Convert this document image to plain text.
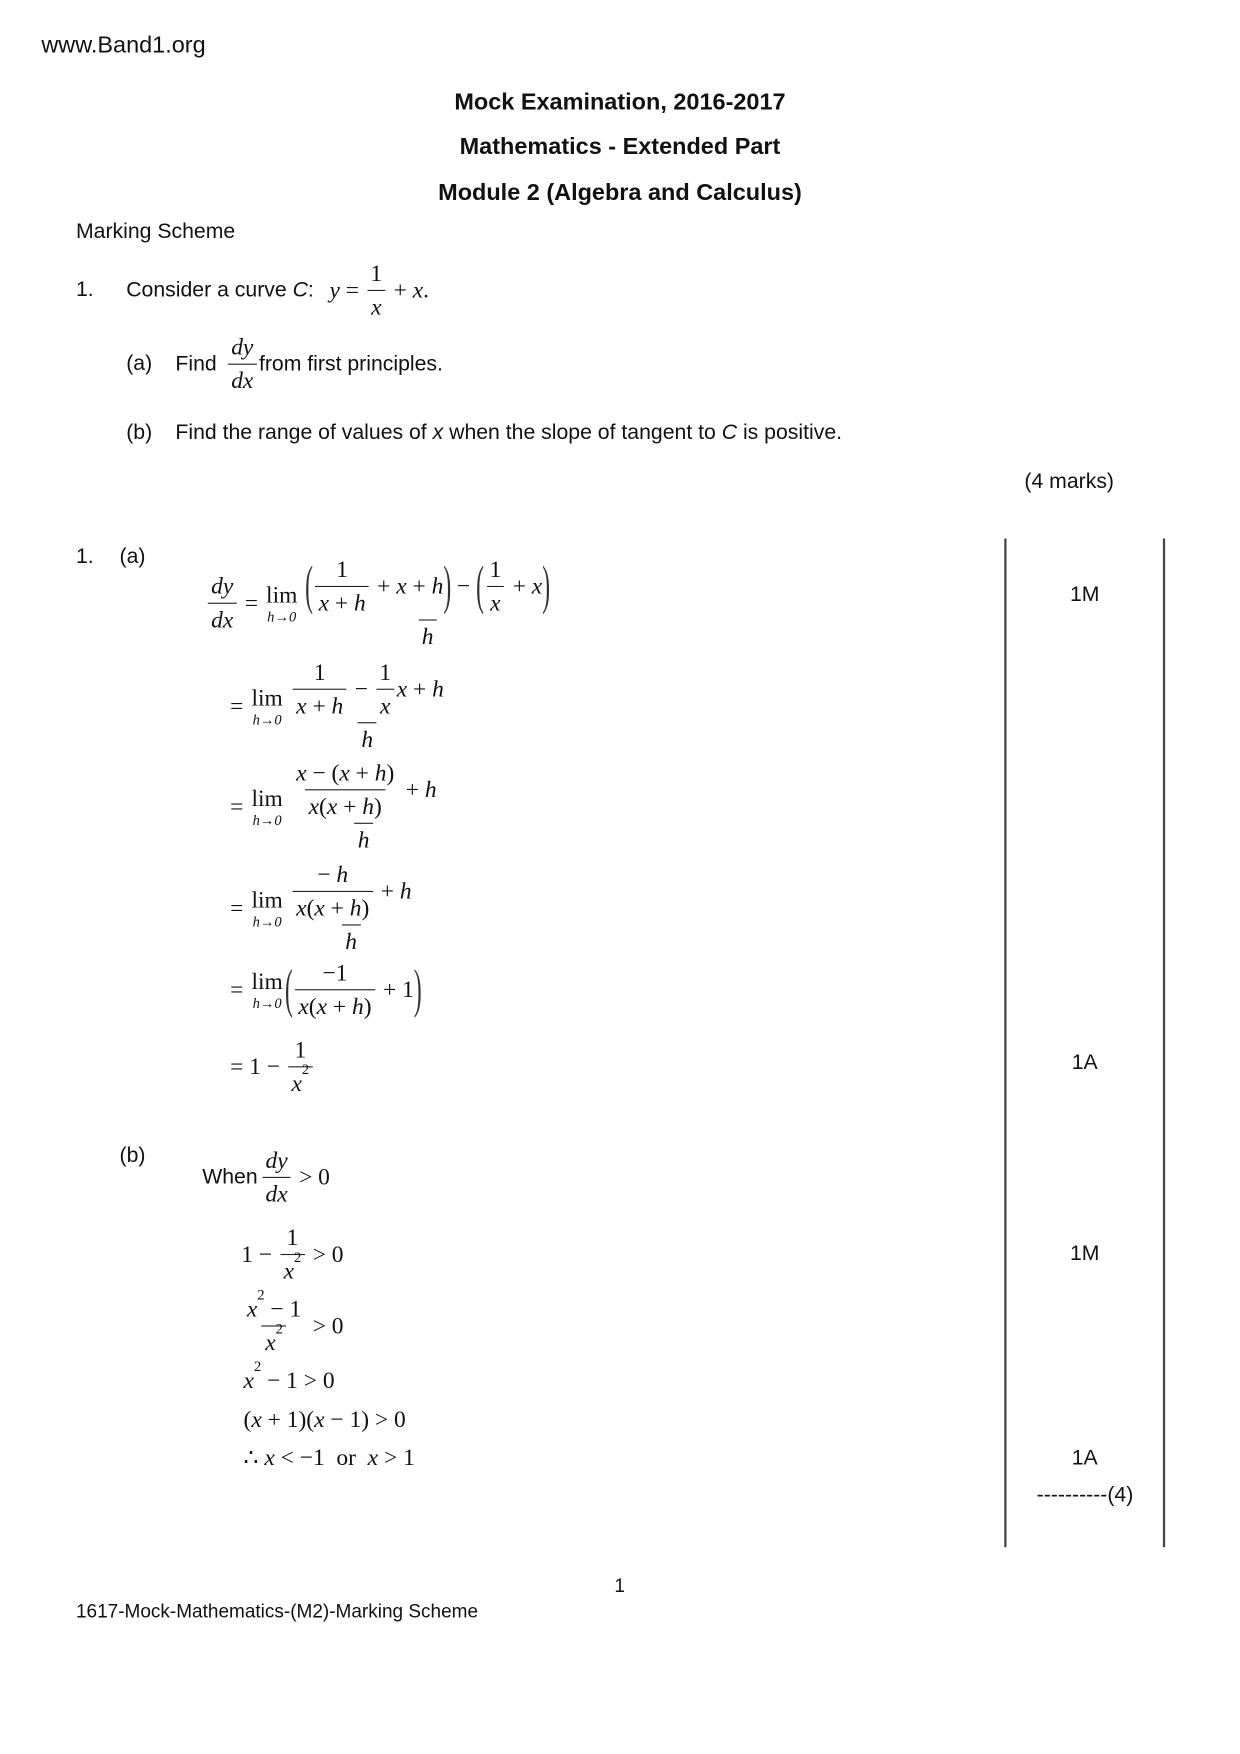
www.Band1.org
Mock Examination, 2016-2017
Mathematics - Extended Part
Module 2 (Algebra and Calculus)
Marking Scheme
1. Consider a curve C : $y = \frac{1}{x} + x$ .
(a) Find $\frac{dy}{dx}$ from first principles.
(b) Find the range of values of x when the slope of tangent to C is positive.
(4 marks)
1. (a)
$\frac{dy}{dx} = \lim$
$h\to 0 \frac{( \frac{1}{x + h} + x + h ) - ( \frac{1}{x} + x )}{h}$
= lim
$h\to 0 \frac{\frac{1}{x + h} - \frac{1}{x} x + h}{h}$
= lim
$h\to 0 \frac{\frac{x - ( x + h )}{x ( x + h )} + h}{h}$
= lim
$h\to 0 \frac{\frac{- h}{x ( x + h )} + h}{h}$
= lim
h→0 ( $\frac{-1}{x ( x + h )} + 1$ )
= 1 − 1
x
2
(b)
When $\frac{dy}{dx} > 0$
1 − 1
x
2 > 0
x
2
− 1
x
2 > 0
x
2
− 1 > 0
( x + 1)( x − 1) > 0
∴ x < −1  or x > 1
1M
1A
1M
1A
----------(4)
1
1617-Mock-Mathematics-(M2)-Marking Scheme
